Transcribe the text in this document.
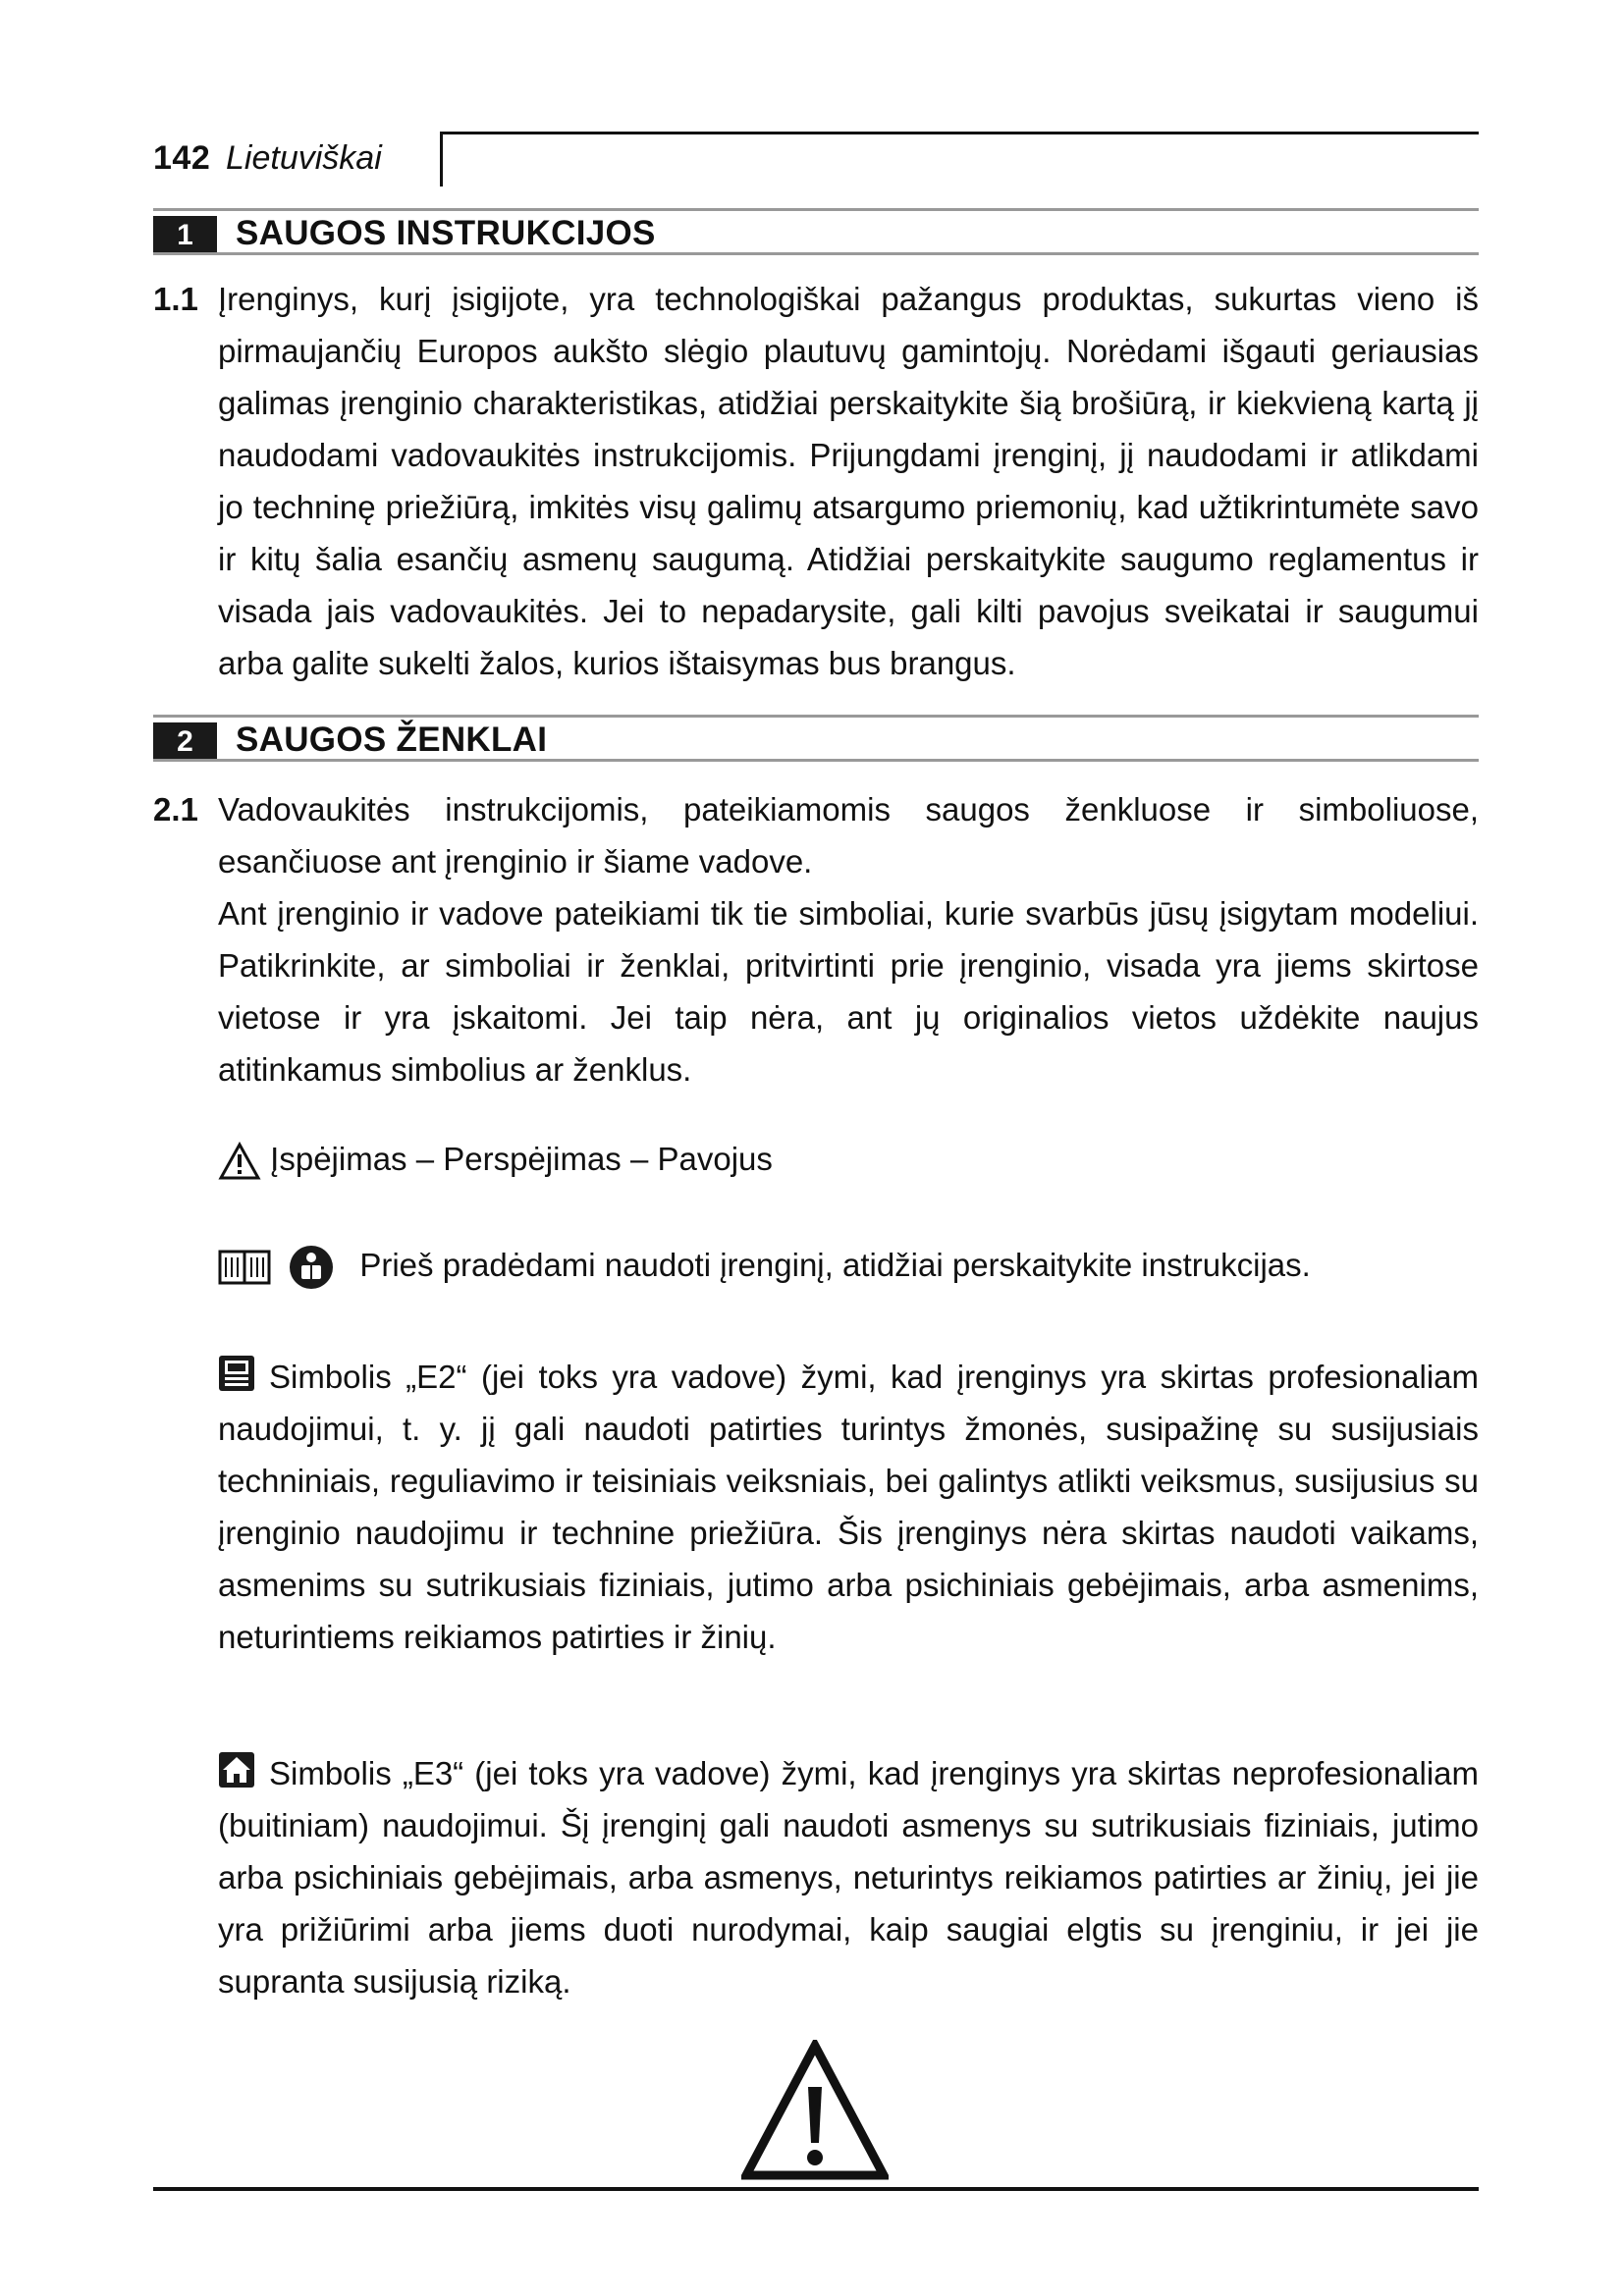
142 Lietuviškai
1	SAUGOS INSTRUKCIJOS
1.1 Įrenginys, kurį įsigijote, yra technologiškai pažangus produktas, sukurtas vieno iš pirmaujančių Europos aukšto slėgio plautuvų gamintojų. Norėdami išgauti geriausias galimas įrenginio charakteristikas, atidžiai perskaitykite šią brošiūrą, ir kiekvieną kartą jį naudodami vadovaukitės instrukcijomis. Prijungdami įrenginį, jį naudodami ir atlikdami jo techninę priežiūrą, imkitės visų galimų atsargumo priemonių, kad užtikrintumėte savo ir kitų šalia esančių asmenų saugumą. Atidžiai perskaitykite saugumo reglamentus ir visada jais vadovaukitės. Jei to nepadarysite, gali kilti pavojus sveikatai ir saugumui arba galite sukelti žalos, kurios ištaisymas bus brangus.
2	SAUGOS ŽENKLAI
2.1 Vadovaukitės instrukcijomis, pateikiamomis saugos ženkluose ir simboliuose, esančiuose ant įrenginio ir šiame vadove.
Ant įrenginio ir vadove pateikiami tik tie simboliai, kurie svarbūs jūsų įsigytam modeliui. Patikrinkite, ar simboliai ir ženklai, pritvirtinti prie įrenginio, visada yra jiems skirtose vietose ir yra įskaitomi. Jei taip nėra, ant jų originalios vietos uždėkite naujus atitinkamus simbolius ar ženklus.
Įspėjimas – Perspėjimas – Pavojus
Prieš pradėdami naudoti įrenginį, atidžiai perskaitykite instrukcijas.
Simbolis „E2“ (jei toks yra vadove) žymi, kad įrenginys yra skirtas profesionaliam naudojimui, t. y. jį gali naudoti patirties turintys žmonės, susipažinę su susijusiais techniniais, reguliavimo ir teisiniais veiksniais, bei galintys atlikti veiksmus, susijusius su įrenginio naudojimu ir technine priežiūra. Šis įrenginys nėra skirtas naudoti vaikams, asmenims su sutrikusiais fiziniais, jutimo arba psichiniais gebėjimais, arba asmenims, neturintiems reikiamos patirties ir žinių.
Simbolis „E3“ (jei toks yra vadove) žymi, kad įrenginys yra skirtas neprofesionaliam (buitiniam) naudojimui. Šį įrenginį gali naudoti asmenys su sutrikusiais fiziniais, jutimo arba psichiniais gebėjimais, arba asmenys, neturintys reikiamos patirties ar žinių, jei jie yra prižiūrimi arba jiems duoti nurodymai, kaip saugiai elgtis su įrenginiu, ir jei jie supranta susijusią riziką.
